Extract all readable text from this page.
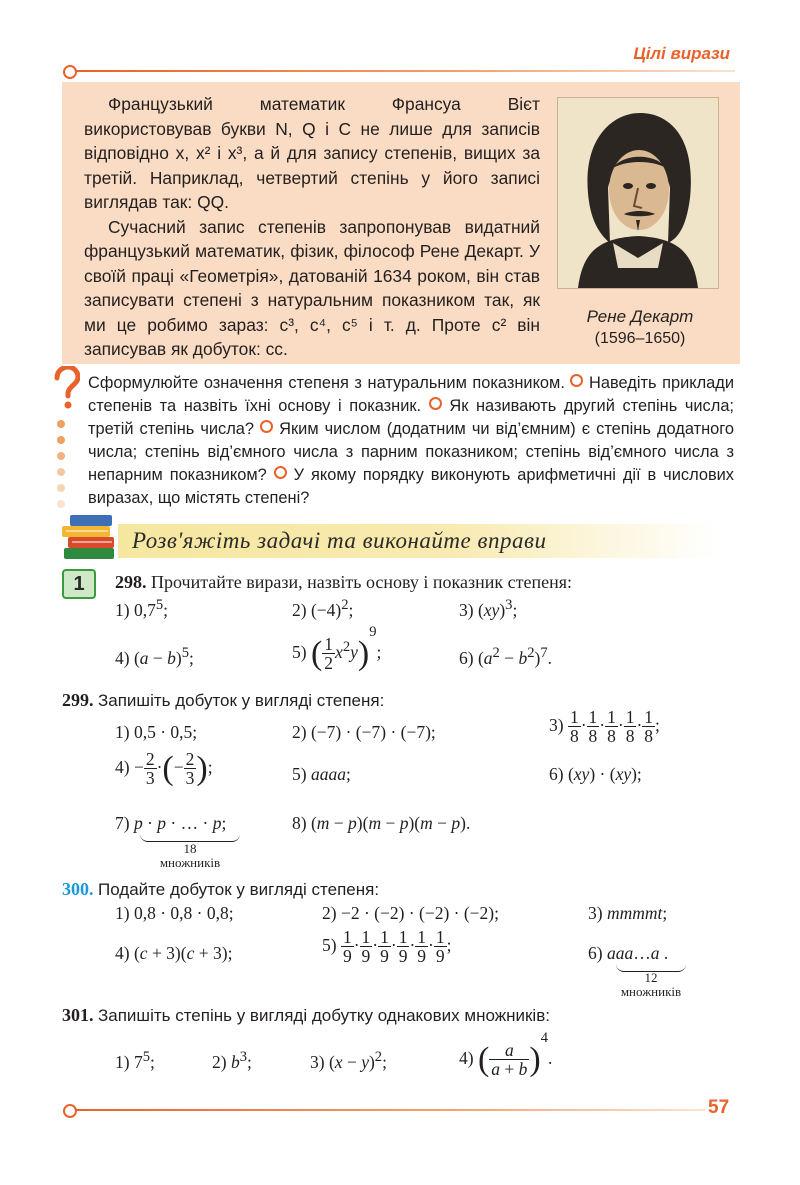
Цілі вирази

Французький математик Франсуа Вієт використовував букви N, Q і C не лише для записів відповідно x, x² і x³, а й для запису степенів, вищих за третій. Наприклад, четвертий степінь у його записі виглядав так: QQ.

Сучасний запис степенів запропонував видатний французький математик, фізик, філософ Рене Декарт. У своїй праці «Геометрія», датованій 1634 роком, він став записувати степені з натуральним показником так, як ми це робимо зараз: c³, c⁴, c⁵ і т. д. Проте c² він записував як добуток: cc.

Рене Декарт
(1596–1650)
Сформулюйте означення степеня з натуральним показником. Наведіть приклади степенів та назвіть їхні основу і показник. Як називають другий степінь числа; третій степінь числа? Яким числом (додатним чи від’ємним) є степінь додатного числа; степінь від’ємного числа з парним показником; степінь від’ємного числа з непарним показником? У якому порядку виконують арифметичні дії в числових виразах, що містять степені?
Розв'яжіть задачі та виконайте вправи
1	298. Прочитайте вирази, назвіть основу і показник степеня:
1) $0,7^5$;	2) $(-4)^2$;	3) (xy)$^3$;
4) $(a - b)^5$;	5) ( $\frac{1}{2} x^2y)^9$;	6) $(a^2 - b^2)^7$.
299. Запишіть добуток у вигляді степеня:
1) 0,5 · 0,5;	2) (−7) · (−7) · (−7);	$3) \frac{1}{8} \cdot \frac{1}{8} \cdot \frac{1}{8} \cdot \frac{1}{8} \cdot \frac{1}{8}$ ;
$4) - \frac{2}{3}$ ·(− $\frac{2}{3}$ );	5) aaaa;	6) (xy) · (xy);
7) p · p · … · p;
18
множників
8) (m − p)(m − p)(m − p).
300. Подайте добуток у вигляді степеня:
1) 0,8 · 0,8 · 0,8;	2) −2 · (−2) · (−2) · (−2);	3) mmmmt;
4) (c + 3)(c + 3);	$5) \frac{1}{9} \cdot \frac{1}{9} \cdot \frac{1}{9} \cdot \frac{1}{9} \cdot \frac{1}{9} \cdot \frac{1}{9}$ ;	6) aaa…a .
12
множників
301. Запишіть степінь у вигляді добутку однакових множників:
1) $7^5$;	2) $b^3$;	3) $(x - y)^2$;	4) ( $\frac{a}{a + b} )^4$.
57
